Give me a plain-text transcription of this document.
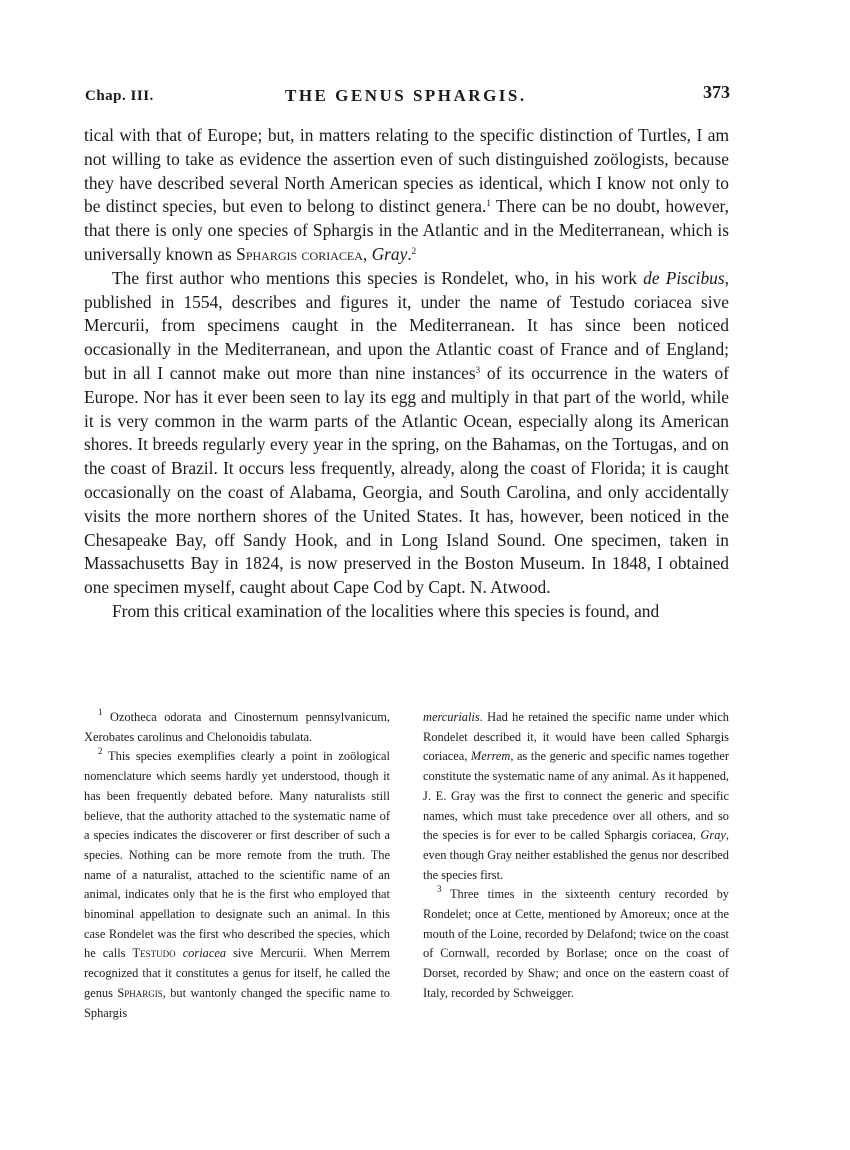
Chap. III.	THE GENUS SPHARGIS.	373

tical with that of Europe; but, in matters relating to the specific distinction of Turtles, I am not willing to take as evidence the assertion even of such distinguished zoölogists, because they have described several North American species as identical, which I know not only to be distinct species, but even to belong to distinct genera.$^1$ There can be no doubt, however, that there is only one species of Sphargis in the Atlantic and in the Mediterranean, which is universally known as Sphargis coriacea, Gray.$^2$

The first author who mentions this species is Rondelet, who, in his work de Piscibus, published in 1554, describes and figures it, under the name of Testudo coriacea sive Mercurii, from specimens caught in the Mediterranean. It has since been noticed occasionally in the Mediterranean, and upon the Atlantic coast of France and of England; but in all I cannot make out more than nine instances$^3$ of its occurrence in the waters of Europe. Nor has it ever been seen to lay its egg and multiply in that part of the world, while it is very common in the warm parts of the Atlantic Ocean, especially along its American shores. It breeds regularly every year in the spring, on the Bahamas, on the Tortugas, and on the coast of Brazil. It occurs less frequently, already, along the coast of Florida; it is caught occasionally on the coast of Alabama, Georgia, and South Carolina, and only accidentally visits the more northern shores of the United States. It has, however, been noticed in the Chesapeake Bay, off Sandy Hook, and in Long Island Sound. One specimen, taken in Massachusetts Bay in 1824, is now preserved in the Boston Museum. In 1848, I obtained one specimen myself, caught about Cape Cod by Capt. N. Atwood.

From this critical examination of the localities where this species is found, and

$^1$ Ozotheca odorata and Cinosternum pennsylvanicum, Xerobates carolinus and Chelonoidis tabulata.

$^2$ This species exemplifies clearly a point in zoölogical nomenclature which seems hardly yet understood, though it has been frequently debated before. Many naturalists still believe, that the authority attached to the systematic name of a species indicates the discoverer or first describer of such a species. Nothing can be more remote from the truth. The name of a naturalist, attached to the scientific name of an animal, indicates only that he is the first who employed that binominal appellation to designate such an animal. In this case Rondelet was the first who described the species, which he calls Testudo coriacea sive Mercurii. When Merrem recognized that it constitutes a genus for itself, he called the genus Sphargis, but wantonly changed the specific name to Sphargis

mercurialis. Had he retained the specific name under which Rondelet described it, it would have been called Sphargis coriacea, Merrem, as the generic and specific names together constitute the systematic name of any animal. As it happened, J. E. Gray was the first to connect the generic and specific names, which must take precedence over all others, and so the species is for ever to be called Sphargis coriacea, Gray, even though Gray neither established the genus nor described the species first.

$^3$ Three times in the sixteenth century recorded by Rondelet; once at Cette, mentioned by Amoreux; once at the mouth of the Loine, recorded by Delafond; twice on the coast of Cornwall, recorded by Borlase; once on the coast of Dorset, recorded by Shaw; and once on the eastern coast of Italy, recorded by Schweigger.
